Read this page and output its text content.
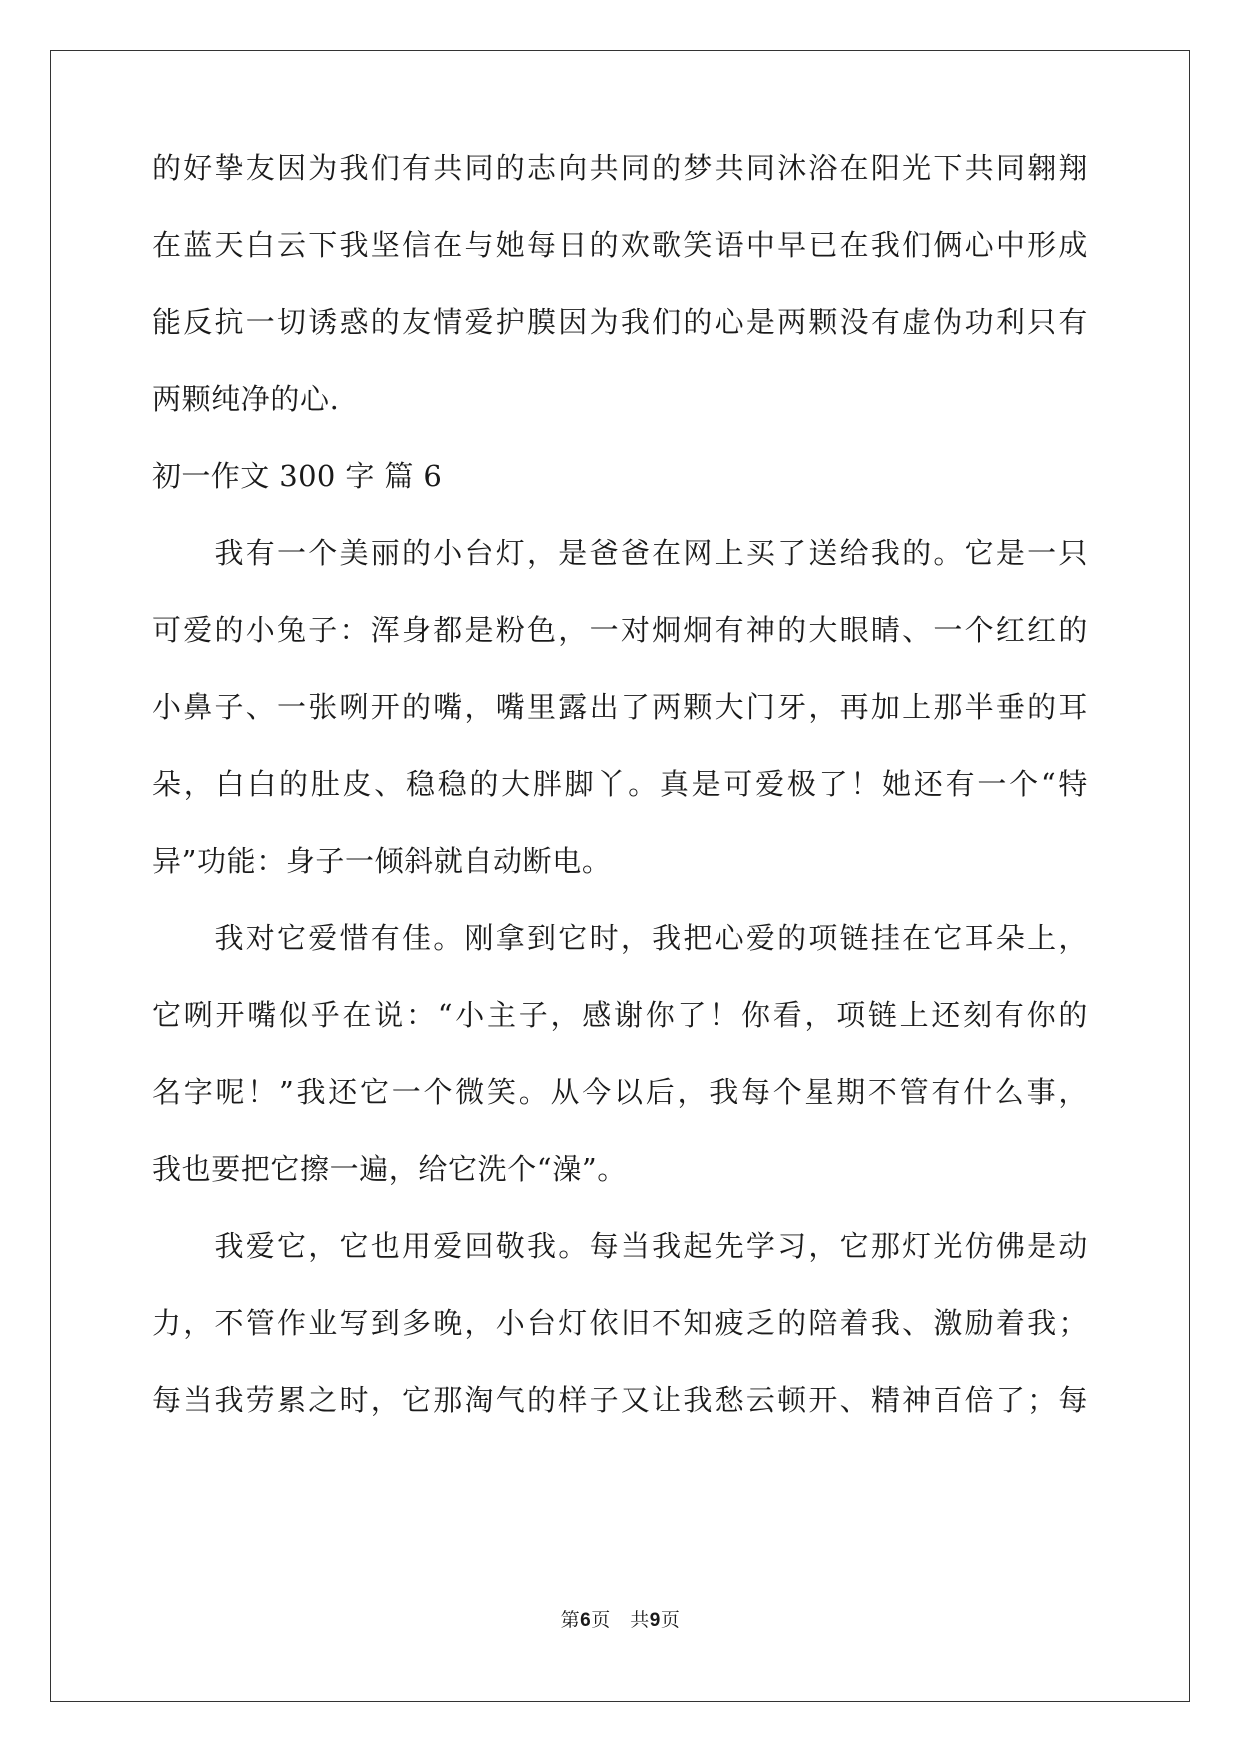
的好挚友因为我们有共同的志向共同的梦共同沐浴在阳光下共同翱翔
在蓝天白云下我坚信在与她每日的欢歌笑语中早已在我们俩心中形成
能反抗一切诱惑的友情爱护膜因为我们的心是两颗没有虚伪功利只有
两颗纯净的心.
初一作文 300 字 篇 6
　　我有一个美丽的小台灯，是爸爸在网上买了送给我的。它是一只
可爱的小兔子：浑身都是粉色，一对炯炯有神的大眼睛、一个红红的
小鼻子、一张咧开的嘴，嘴里露出了两颗大门牙，再加上那半垂的耳
朵，白白的肚皮、稳稳的大胖脚丫。真是可爱极了！她还有一个“特
异”功能：身子一倾斜就自动断电。
　　我对它爱惜有佳。刚拿到它时，我把心爱的项链挂在它耳朵上，
它咧开嘴似乎在说：“小主子，感谢你了！你看，项链上还刻有你的
名字呢！”我还它一个微笑。从今以后，我每个星期不管有什么事，
我也要把它擦一遍，给它洗个“澡”。
　　我爱它，它也用爱回敬我。每当我起先学习，它那灯光仿佛是动
力，不管作业写到多晚，小台灯依旧不知疲乏的陪着我、激励着我；
每当我劳累之时，它那淘气的样子又让我愁云顿开、精神百倍了；每
第6页　共9页
